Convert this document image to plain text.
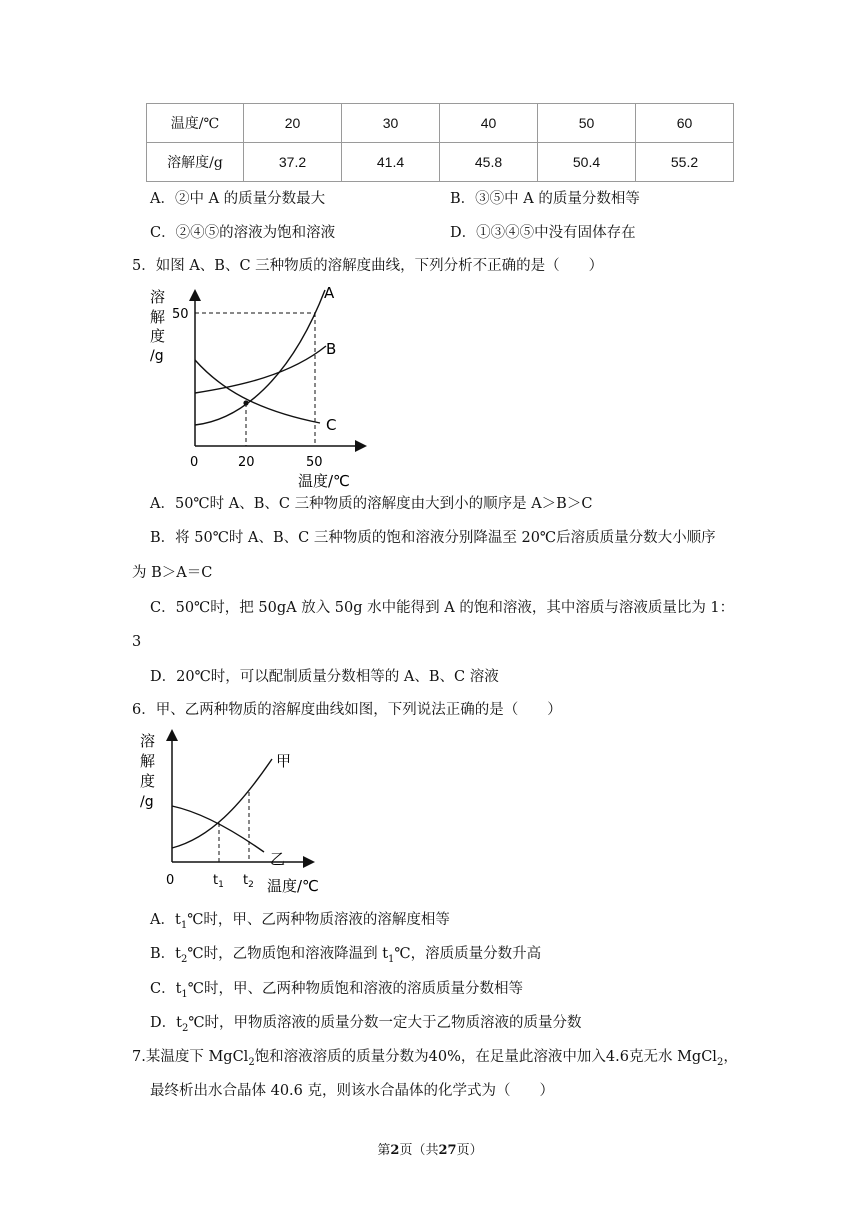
温度/℃	20	30	40	50	60
溶解度/g	37.2	41.4	45.8	50.4	55.2
A．②中 A 的质量分数最大	B．③⑤中 A 的质量分数相等
C．②④⑤的溶液为饱和溶液	D．①③④⑤中没有固体存在
5．如图 A、B、C 三种物质的溶解度曲线，下列分析不正确的是（　　）
溶
解
度
/g
50
0	20	50
温度/℃
A
B
C
A．50℃时 A、B、C 三种物质的溶解度由大到小的顺序是 A＞B＞C
B．将 50℃时 A、B、C 三种物质的饱和溶液分别降温至 20℃后溶质质量分数大小顺序
为 B＞A＝C
C．50℃时，把 50gA 放入 50g 水中能得到 A 的饱和溶液，其中溶质与溶液质量比为 1：
3
D．20℃时，可以配制质量分数相等的 A、B、C 溶液
6．甲、乙两种物质的溶解度曲线如图，下列说法正确的是（　　）
溶
解
度
/g
0	$t_1$ $t_2$ 温度/℃
甲
乙
A．$t_1℃$时，甲、乙两种物质溶液的溶解度相等
B．$t_2℃$时，乙物质饱和溶液降温到 $t_1℃$，溶质质量分数升高
C．$t_1℃$时，甲、乙两种物质饱和溶液的溶质质量分数相等
D．$t_2℃$时，甲物质溶液的质量分数一定大于乙物质溶液的质量分数
7.某温度下 MgCl$_2$饱和溶液溶质的质量分数为40%，在足量此溶液中加入4.6克无水 MgCl$_2$，
最终析出水合晶体 40.6 克，则该水合晶体的化学式为（　　）
第2页（共27页）
